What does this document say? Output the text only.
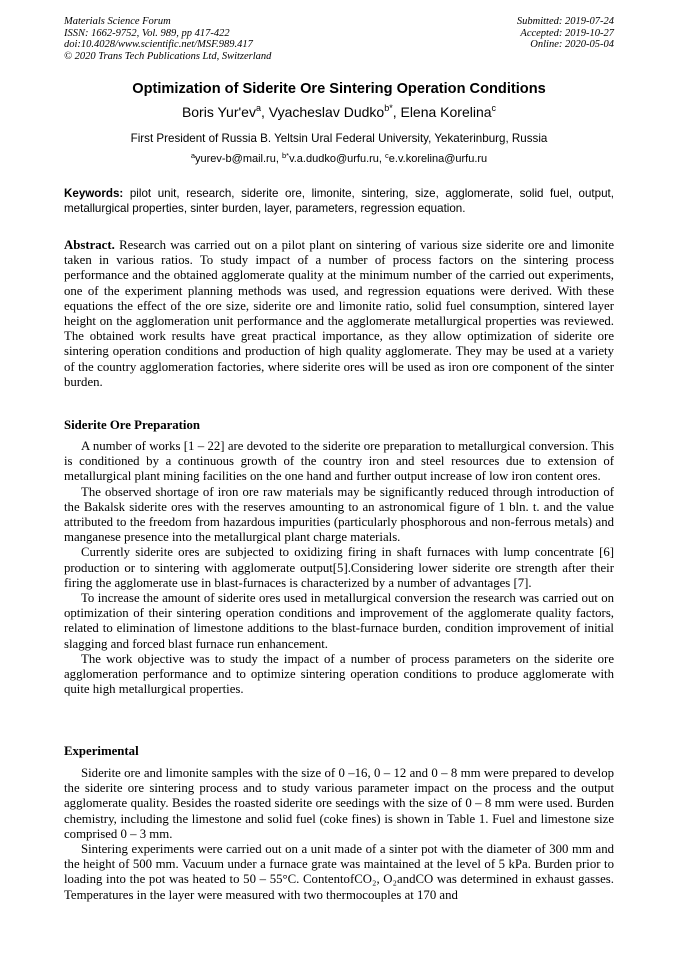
Materials Science Forum
ISSN: 1662-9752, Vol. 989, pp 417-422
doi:10.4028/www.scientific.net/MSF.989.417
© 2020 Trans Tech Publications Ltd, Switzerland
Submitted: 2019-07-24
Accepted: 2019-10-27
Online: 2020-05-04
Optimization of Siderite Ore Sintering Operation Conditions
Boris $Yur'ev^a$, Vyacheslav Dudko$^{b*}$, Elena Korelina$^c$
First President of Russia B. Yeltsin Ural Federal University, Yekaterinburg, Russia
$^a$yurev-b@mail.ru, $^{b*}$v.a.dudko@urfu.ru, $^c$e.v.korelina@urfu.ru
Keywords: pilot unit, research, siderite ore, limonite, sintering, size, agglomerate, solid fuel, output, metallurgical properties, sinter burden, layer, parameters, regression equation.
Abstract. Research was carried out on a pilot plant on sintering of various size siderite ore and limonite taken in various ratios. To study impact of a number of process factors on the sintering process performance and the obtained agglomerate quality at the minimum number of the carried out experiments, one of the experiment planning methods was used, and regression equations were derived. With these equations the effect of the ore size, siderite ore and limonite ratio, solid fuel consumption, sintered layer height on the agglomeration unit performance and the agglomerate metallurgical properties was reviewed. The obtained work results have great practical importance, as they allow optimization of siderite ore sintering operation conditions and production of high quality agglomerate. They may be used at a variety of the country agglomeration factories, where siderite ores will be used as iron ore component of the sinter burden.
Siderite Ore Preparation

A number of works [1 – 22] are devoted to the siderite ore preparation to metallurgical conversion. This is conditioned by a continuous growth of the country iron and steel resources due to extension of metallurgical plant mining facilities on the one hand and further output increase of low iron content ores.

The observed shortage of iron ore raw materials may be significantly reduced through introduction of the Bakalsk siderite ores with the reserves amounting to an astronomical figure of 1 bln. t. and the value attributed to the freedom from hazardous impurities (particularly phosphorous and non-ferrous metals) and manganese presence into the metallurgical plant charge materials.

Currently siderite ores are subjected to oxidizing firing in shaft furnaces with lump concentrate [6] production or to sintering with agglomerate output[5].Considering lower siderite ore strength after their firing the agglomerate use in blast-furnaces is characterized by a number of advantages [7].

To increase the amount of siderite ores used in metallurgical conversion the research was carried out on optimization of their sintering operation conditions and improvement of the agglomerate quality factors, related to elimination of limestone additions to the blast-furnace burden, condition improvement of initial slagging and forced blast furnace run enhancement.

The work objective was to study the impact of a number of process parameters on the siderite ore agglomeration performance and to optimize sintering operation conditions to produce agglomerate with quite high metallurgical properties.

Experimental

Siderite ore and limonite samples with the size of 0 –16, 0 – 12 and 0 – 8 mm were prepared to develop the siderite ore sintering process and to study various parameter impact on the process and the output agglomerate quality. Besides the roasted siderite ore seedings with the size of 0 – 8 mm were used. Burden chemistry, including the limestone and solid fuel (coke fines) is shown in Table 1. Fuel and limestone size comprised 0 – 3 mm.

Sintering experiments were carried out on a unit made of a sinter pot with the diameter of 300 mm and the height of 500 mm. Vacuum under a furnace grate was maintained at the level of 5 kPa. Burden prior to loading into the pot was heated to 50 – 55°C. ContentofCO₂, O₂andCO was determined in exhaust gasses. Temperatures in the layer were measured with two thermocouples at 170 and
